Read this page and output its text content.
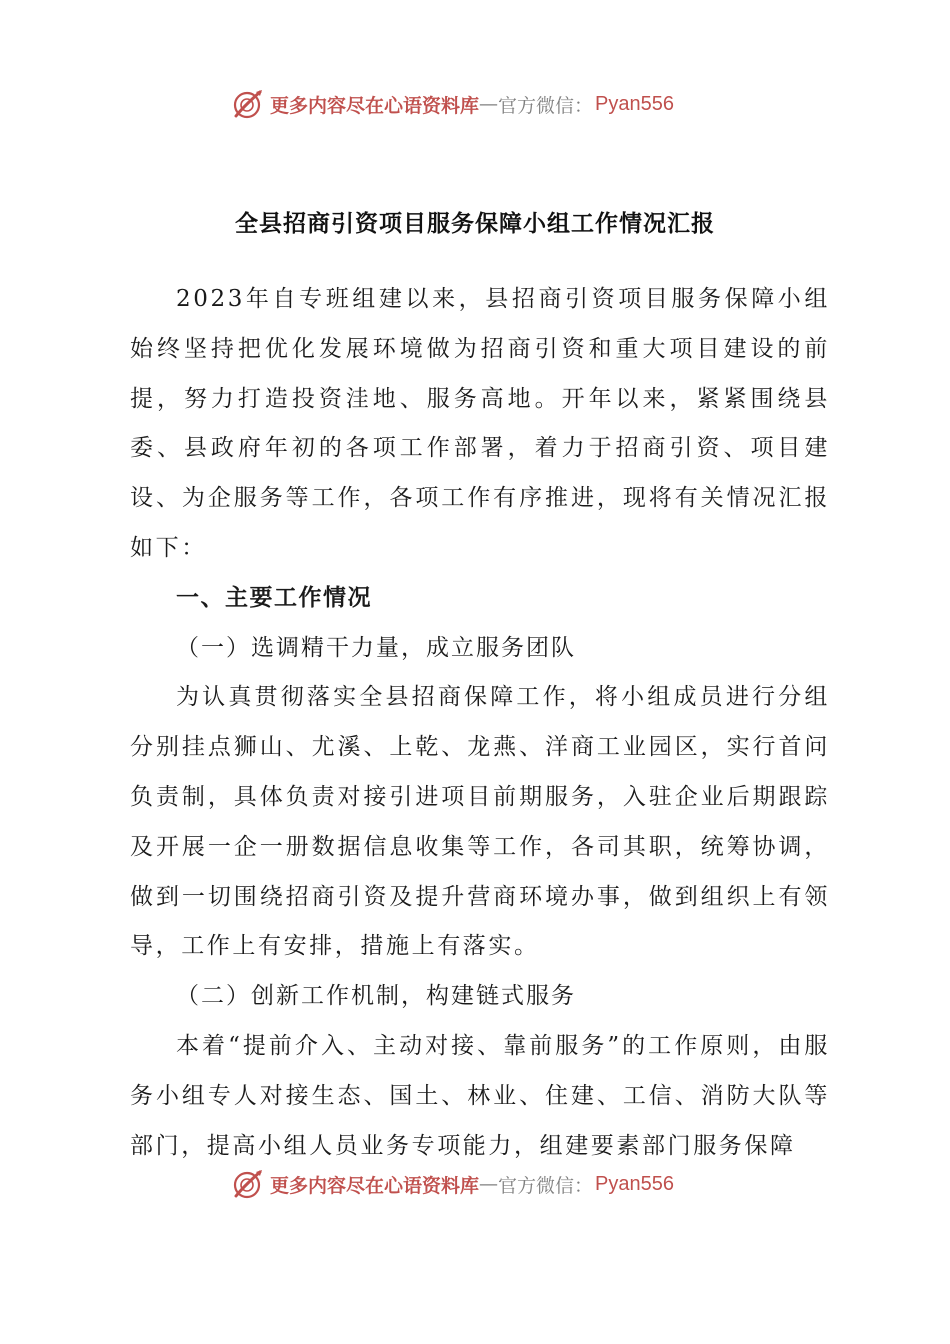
更多内容尽在心语资料库 — 官方微信： Pyan556
全县招商引资项目服务保障小组工作情况汇报

2023年自专班组建以来，县招商引资项目服务保障小组始终坚持把优化发展环境做为招商引资和重大项目建设的前提，努力打造投资洼地、服务高地。开年以来，紧紧围绕县委、县政府年初的各项工作部署，着力于招商引资、项目建设、为企服务等工作，各项工作有序推进，现将有关情况汇报如下：

一、主要工作情况

（一）选调精干力量，成立服务团队

为认真贯彻落实全县招商保障工作，将小组成员进行分组分别挂点狮山、尤溪、上乾、龙燕、洋商工业园区，实行首问负责制，具体负责对接引进项目前期服务，入驻企业后期跟踪及开展一企一册数据信息收集等工作，各司其职，统筹协调，做到一切围绕招商引资及提升营商环境办事，做到组织上有领导，工作上有安排，措施上有落实。

（二）创新工作机制，构建链式服务

本着“提前介入、主动对接、靠前服务”的工作原则，由服务小组专人对接生态、国土、林业、住建、工信、消防大队等部门，提高小组人员业务专项能力，组建要素部门服务保障

更多内容尽在心语资料库 — 官方微信： Pyan556
